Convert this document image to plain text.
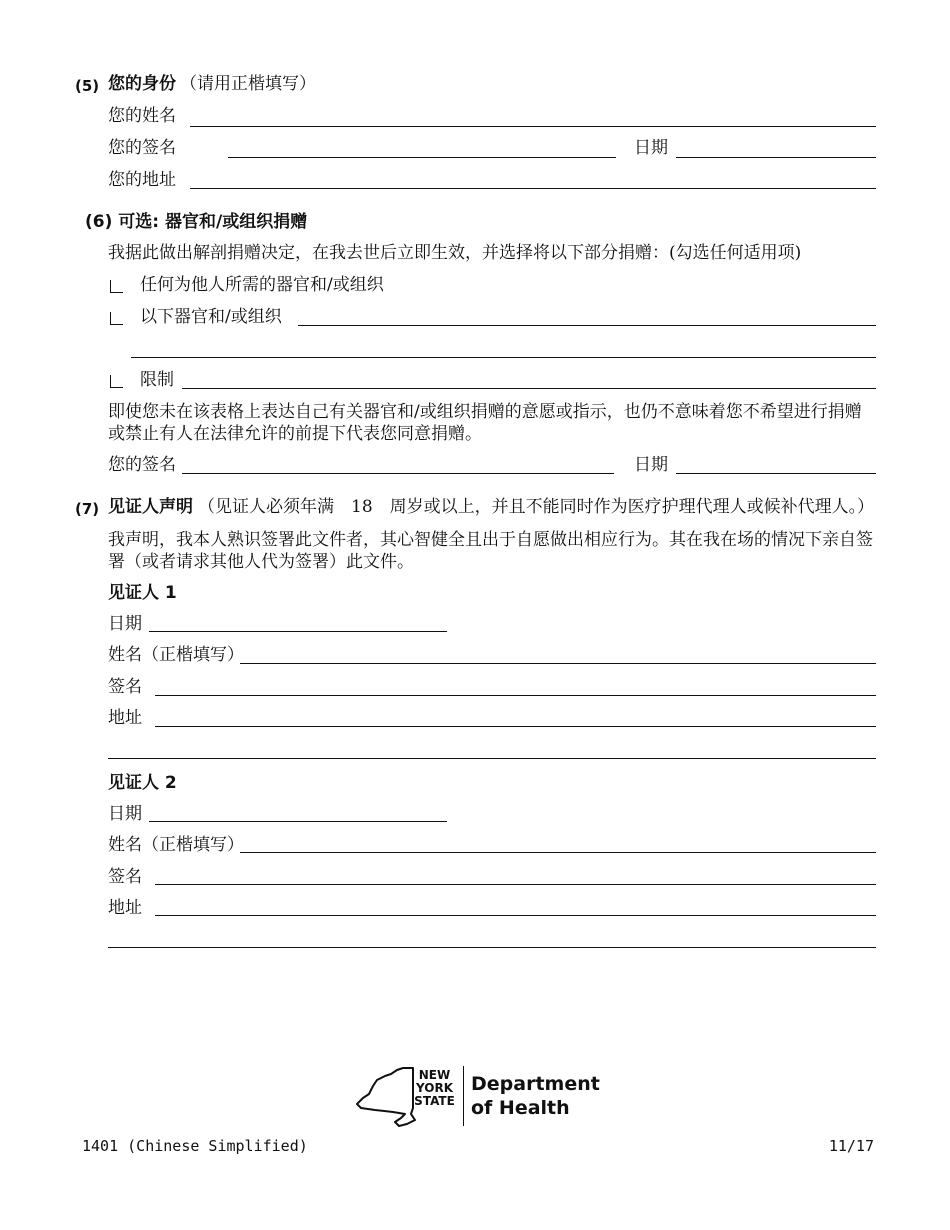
(5) 您的身份 （请用正楷填写）
您的姓名
您的签名	日期
您的地址
(6) 可选: 器官和/或组织捐赠
我据此做出解剖捐赠决定，在我去世后立即生效，并选择将以下部分捐赠：(勾选任何适用项)
任何为他人所需的器官和/或组织
以下器官和/或组织
限制
即使您未在该表格上表达自己有关器官和/或组织捐赠的意愿或指示，也仍不意味着您不希望进行捐赠或禁止有人在法律允许的前提下代表您同意捐赠。
您的签名	日期
(7) 见证人声明 （见证人必须年满　18　周岁或以上，并且不能同时作为医疗护理代理人或候补代理人。）
我声明，我本人熟识签署此文件者，其心智健全且出于自愿做出相应行为。其在我在场的情况下亲自签署（或者请求其他人代为签署）此文件。
见证人 1
日期
姓名（正楷填写）
签名
地址
见证人 2
日期
姓名（正楷填写）
签名
地址
NEW
YORK
STATE
Department
of Health
1401 (Chinese Simplified)	11/17
